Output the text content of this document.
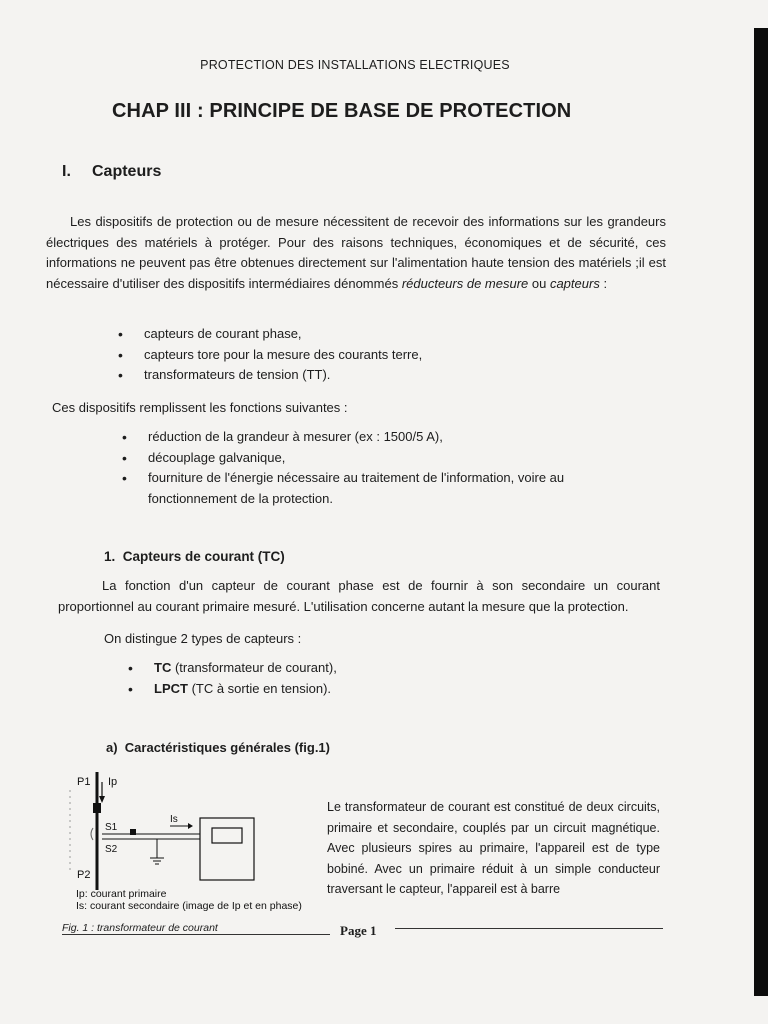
PROTECTION DES INSTALLATIONS ELECTRIQUES
CHAP III : PRINCIPE DE BASE DE PROTECTION
I. Capteurs
Les dispositifs de protection ou de mesure nécessitent de recevoir des informations sur les grandeurs électriques des matériels à protéger. Pour des raisons techniques, économiques et de sécurité, ces informations ne peuvent pas être obtenues directement sur l'alimentation haute tension des matériels ;il est nécessaire d'utiliser des dispositifs intermédiaires dénommés réducteurs de mesure ou capteurs :
• capteurs de courant phase,
• capteurs tore pour la mesure des courants terre,
• transformateurs de tension (TT).
Ces dispositifs remplissent les fonctions suivantes :
• réduction de la grandeur à mesurer (ex : 1500/5 A),
• découplage galvanique,
• fourniture de l'énergie nécessaire au traitement de l'information, voire au fonctionnement de la protection.
1. Capteurs de courant (TC)
La fonction d'un capteur de courant phase est de fournir à son secondaire un courant proportionnel au courant primaire mesuré. L'utilisation concerne autant la mesure que la protection.
On distingue 2 types de capteurs :
• TC (transformateur de courant),
• LPCT (TC à sortie en tension).
a) Caractéristiques générales (fig.1)
P1 Ip
S1
S2
Is
P2
Ip: courant primaire
Is: courant secondaire (image de Ip et en phase)
Le transformateur de courant est constitué de deux circuits, primaire et secondaire, couplés par un circuit magnétique. Avec plusieurs spires au primaire, l'appareil est de type bobiné. Avec un primaire réduit à un simple conducteur traversant le capteur, l'appareil est à barre
Fig. 1 : transformateur de courant	Page 1
